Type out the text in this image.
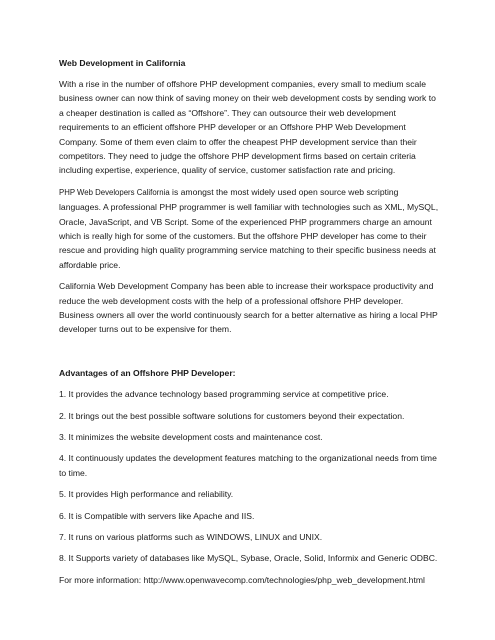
Web Development in California

With a rise in the number of offshore PHP development companies, every small to medium scale business owner can now think of saving money on their web development costs by sending work to a cheaper destination is called as “Offshore”. They can outsource their web development requirements to an efficient offshore PHP developer or an Offshore PHP Web Development Company. Some of them even claim to offer the cheapest PHP development service than their competitors. They need to judge the offshore PHP development firms based on certain criteria including expertise, experience, quality of service, customer satisfaction rate and pricing.

PHP Web Developers California is amongst the most widely used open source web scripting languages. A professional PHP programmer is well familiar with technologies such as XML, MySQL, Oracle, JavaScript, and VB Script. Some of the experienced PHP programmers charge an amount which is really high for some of the customers. But the offshore PHP developer has come to their rescue and providing high quality programming service matching to their specific business needs at affordable price.

California Web Development Company has been able to increase their workspace productivity and reduce the web development costs with the help of a professional offshore PHP developer. Business owners all over the world continuously search for a better alternative as hiring a local PHP developer turns out to be expensive for them.

Advantages of an Offshore PHP Developer:

1. It provides the advance technology based programming service at competitive price.

2. It brings out the best possible software solutions for customers beyond their expectation.

3. It minimizes the website development costs and maintenance cost.

4. It continuously updates the development features matching to the organizational needs from time to time.

5. It provides High performance and reliability.

6. It is Compatible with servers like Apache and IIS.

7. It runs on various platforms such as WINDOWS, LINUX and UNIX.

8. It Supports variety of databases like MySQL, Sybase, Oracle, Solid, Informix and Generic ODBC.

For more information: http://www.openwavecomp.com/technologies/php_web_development.html
